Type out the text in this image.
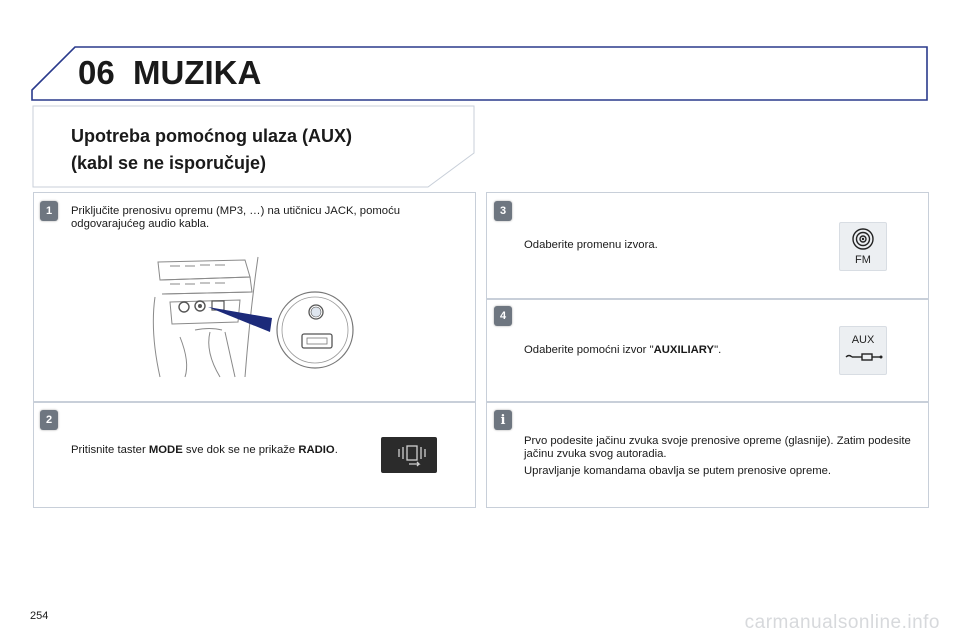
06 MUZIKA
Upotreba pomoćnog ulaza (AUX)
(kabl se ne isporučuje)
1	Priključite prenosivu opremu (MP3, …) na utičnicu JACK, pomoću odgovarajućeg audio kabla.
2
Pritisnite taster MODE sve dok se ne prikaže RADIO.
3
Odaberite promenu izvora.
FM
4
Odaberite pomoćni izvor "AUXILIARY".
AUX
i
Prvo podesite jačinu zvuka svoje prenosive opreme (glasnije). Zatim podesite jačinu zvuka svog autoradia.
Upravljanje komandama obavlja se putem prenosive opreme.
254	carmanualsonline.info
